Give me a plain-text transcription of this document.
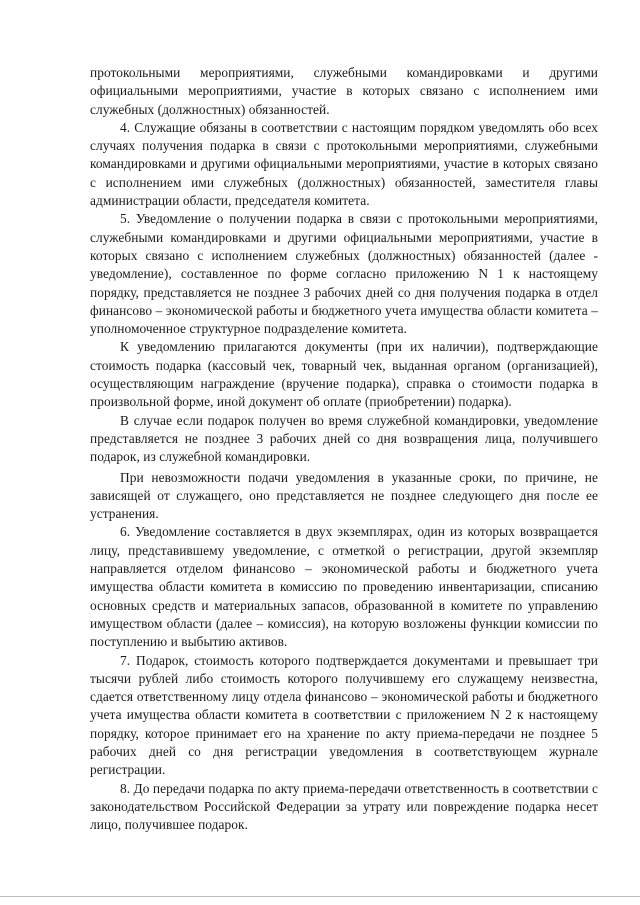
протокольными мероприятиями, служебными командировками и другими официальными мероприятиями, участие в которых связано с исполнением ими служебных (должностных) обязанностей.

4. Служащие обязаны в соответствии с настоящим порядком уведомлять обо всех случаях получения подарка в связи с протокольными мероприятиями, служебными командировками и другими официальными мероприятиями, участие в которых связано с исполнением ими служебных (должностных) обязанностей, заместителя главы администрации области, председателя комитета.

5. Уведомление о получении подарка в связи с протокольными мероприятиями, служебными командировками и другими официальными мероприятиями, участие в которых связано с исполнением служебных (должностных) обязанностей (далее - уведомление), составленное по форме согласно приложению N 1 к настоящему порядку, представляется не позднее 3 рабочих дней со дня получения подарка в отдел финансово – экономической работы и бюджетного учета имущества области комитета – уполномоченное структурное подразделение комитета.

К уведомлению прилагаются документы (при их наличии), подтверждающие стоимость подарка (кассовый чек, товарный чек, выданная органом (организацией), осуществляющим награждение (вручение подарка), справка о стоимости подарка в произвольной форме, иной документ об оплате (приобретении) подарка).

В случае если подарок получен во время служебной командировки, уведомление представляется не позднее 3 рабочих дней со дня возвращения лица, получившего подарок, из служебной командировки.

При невозможности подачи уведомления в указанные сроки, по причине, не зависящей от служащего, оно представляется не позднее следующего дня после ее устранения.

6. Уведомление составляется в двух экземплярах, один из которых возвращается лицу, представившему уведомление, с отметкой о регистрации, другой экземпляр направляется отделом финансово – экономической работы и бюджетного учета имущества области комитета в комиссию по проведению инвентаризации, списанию основных средств и материальных запасов, образованной в комитете по управлению имуществом области (далее – комиссия), на которую возложены функции комиссии по поступлению и выбытию активов.

7. Подарок, стоимость которого подтверждается документами и превышает три тысячи рублей либо стоимость которого получившему его служащему неизвестна, сдается ответственному лицу отдела финансово – экономической работы и бюджетного учета имущества области комитета в соответствии с приложением N 2 к настоящему порядку, которое принимает его на хранение по акту приема-передачи не позднее 5 рабочих дней со дня регистрации уведомления в соответствующем журнале регистрации.

8. До передачи подарка по акту приема-передачи ответственность в соответствии с законодательством Российской Федерации за утрату или повреждение подарка несет лицо, получившее подарок.
